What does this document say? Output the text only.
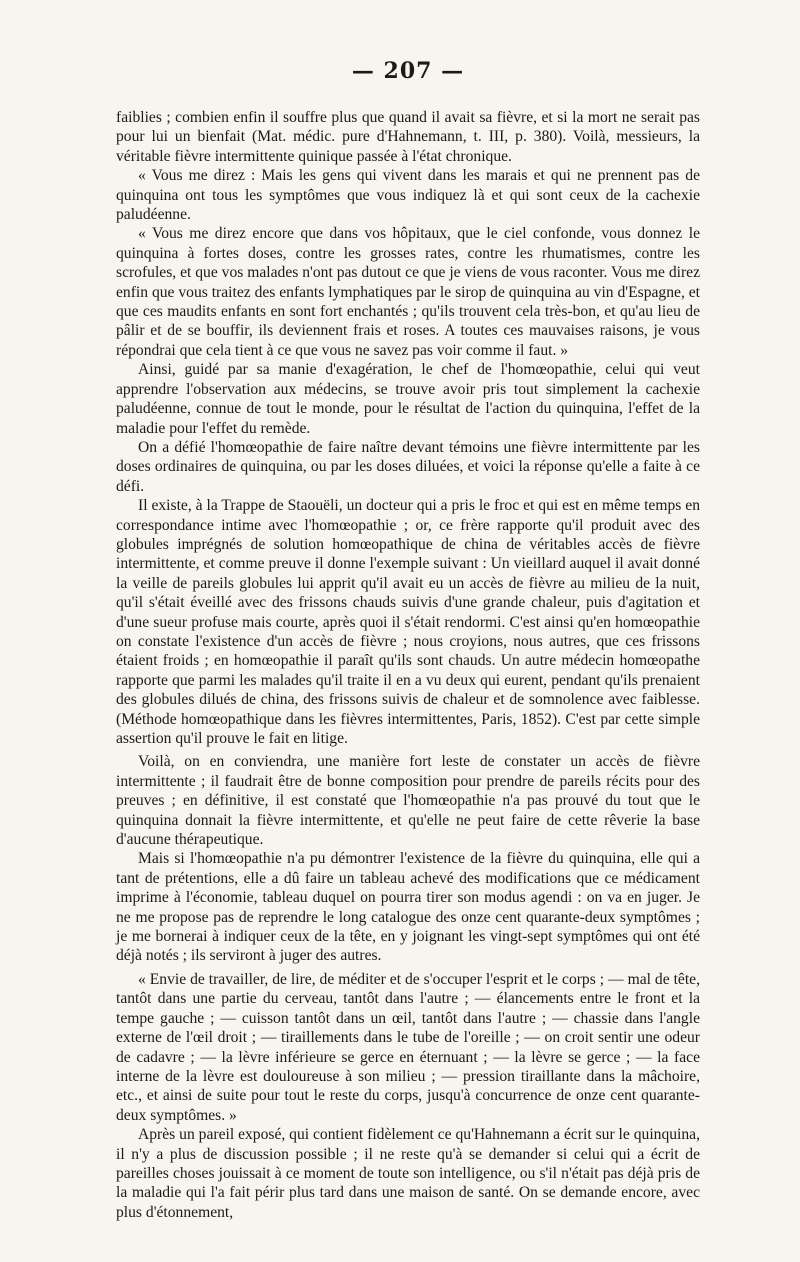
— 207 —

faiblies ; combien enfin il souffre plus que quand il avait sa fièvre, et si la mort ne serait pas pour lui un bienfait (Mat. médic. pure d'Hahnemann, t. III, p. 380). Voilà, messieurs, la véritable fièvre intermittente quinique passée à l'état chronique.

« Vous me direz : Mais les gens qui vivent dans les marais et qui ne prennent pas de quinquina ont tous les symptômes que vous indiquez là et qui sont ceux de la cachexie paludéenne.

« Vous me direz encore que dans vos hôpitaux, que le ciel confonde, vous donnez le quinquina à fortes doses, contre les grosses rates, contre les rhumatismes, contre les scrofules, et que vos malades n'ont pas dutout ce que je viens de vous raconter. Vous me direz enfin que vous traitez des enfants lymphatiques par le sirop de quinquina au vin d'Espagne, et que ces maudits enfants en sont fort enchantés ; qu'ils trouvent cela très-bon, et qu'au lieu de pâlir et de se bouffir, ils deviennent frais et roses. A toutes ces mauvaises raisons, je vous répondrai que cela tient à ce que vous ne savez pas voir comme il faut. »

Ainsi, guidé par sa manie d'exagération, le chef de l'homœopathie, celui qui veut apprendre l'observation aux médecins, se trouve avoir pris tout simplement la cachexie paludéenne, connue de tout le monde, pour le résultat de l'action du quinquina, l'effet de la maladie pour l'effet du remède.

On a défié l'homœopathie de faire naître devant témoins une fièvre intermittente par les doses ordinaires de quinquina, ou par les doses diluées, et voici la réponse qu'elle a faite à ce défi.

Il existe, à la Trappe de Staouëli, un docteur qui a pris le froc et qui est en même temps en correspondance intime avec l'homœopathie ; or, ce frère rapporte qu'il produit avec des globules imprégnés de solution homœopathique de china de véritables accès de fièvre intermittente, et comme preuve il donne l'exemple suivant : Un vieillard auquel il avait donné la veille de pareils globules lui apprit qu'il avait eu un accès de fièvre au milieu de la nuit, qu'il s'était éveillé avec des frissons chauds suivis d'une grande chaleur, puis d'agitation et d'une sueur profuse mais courte, après quoi il s'était rendormi. C'est ainsi qu'en homœopathie on constate l'existence d'un accès de fièvre ; nous croyions, nous autres, que ces frissons étaient froids ; en homœopathie il paraît qu'ils sont chauds. Un autre médecin homœopathe rapporte que parmi les malades qu'il traite il en a vu deux qui eurent, pendant qu'ils prenaient des globules dilués de china, des frissons suivis de chaleur et de somnolence avec faiblesse. (Méthode homœopathique dans les fièvres intermittentes, Paris, 1852). C'est par cette simple assertion qu'il prouve le fait en litige.

Voilà, on en conviendra, une manière fort leste de constater un accès de fièvre intermittente ; il faudrait être de bonne composition pour prendre de pareils récits pour des preuves ; en définitive, il est constaté que l'homœopathie n'a pas prouvé du tout que le quinquina donnait la fièvre intermittente, et qu'elle ne peut faire de cette rêverie la base d'aucune thérapeutique.

Mais si l'homœopathie n'a pu démontrer l'existence de la fièvre du quinquina, elle qui a tant de prétentions, elle a dû faire un tableau achevé des modifications que ce médicament imprime à l'économie, tableau duquel on pourra tirer son modus agendi : on va en juger. Je ne me propose pas de reprendre le long catalogue des onze cent quarante-deux symptômes ; je me bornerai à indiquer ceux de la tête, en y joignant les vingt-sept symptômes qui ont été déjà notés ; ils serviront à juger des autres.

« Envie de travailler, de lire, de méditer et de s'occuper l'esprit et le corps ; — mal de tête, tantôt dans une partie du cerveau, tantôt dans l'autre ; — élancements entre le front et la tempe gauche ; — cuisson tantôt dans un œil, tantôt dans l'autre ; — chassie dans l'angle externe de l'œil droit ; — tiraillements dans le tube de l'oreille ; — on croit sentir une odeur de cadavre ; — la lèvre inférieure se gerce en éternuant ; — la lèvre se gerce ; — la face interne de la lèvre est douloureuse à son milieu ; — pression tiraillante dans la mâchoire, etc., et ainsi de suite pour tout le reste du corps, jusqu'à concurrence de onze cent quarante-deux symptômes. »

Après un pareil exposé, qui contient fidèlement ce qu'Hahnemann a écrit sur le quinquina, il n'y a plus de discussion possible ; il ne reste qu'à se demander si celui qui a écrit de pareilles choses jouissait à ce moment de toute son intelligence, ou s'il n'était pas déjà pris de la maladie qui l'a fait périr plus tard dans une maison de santé. On se demande encore, avec plus d'étonnement,
